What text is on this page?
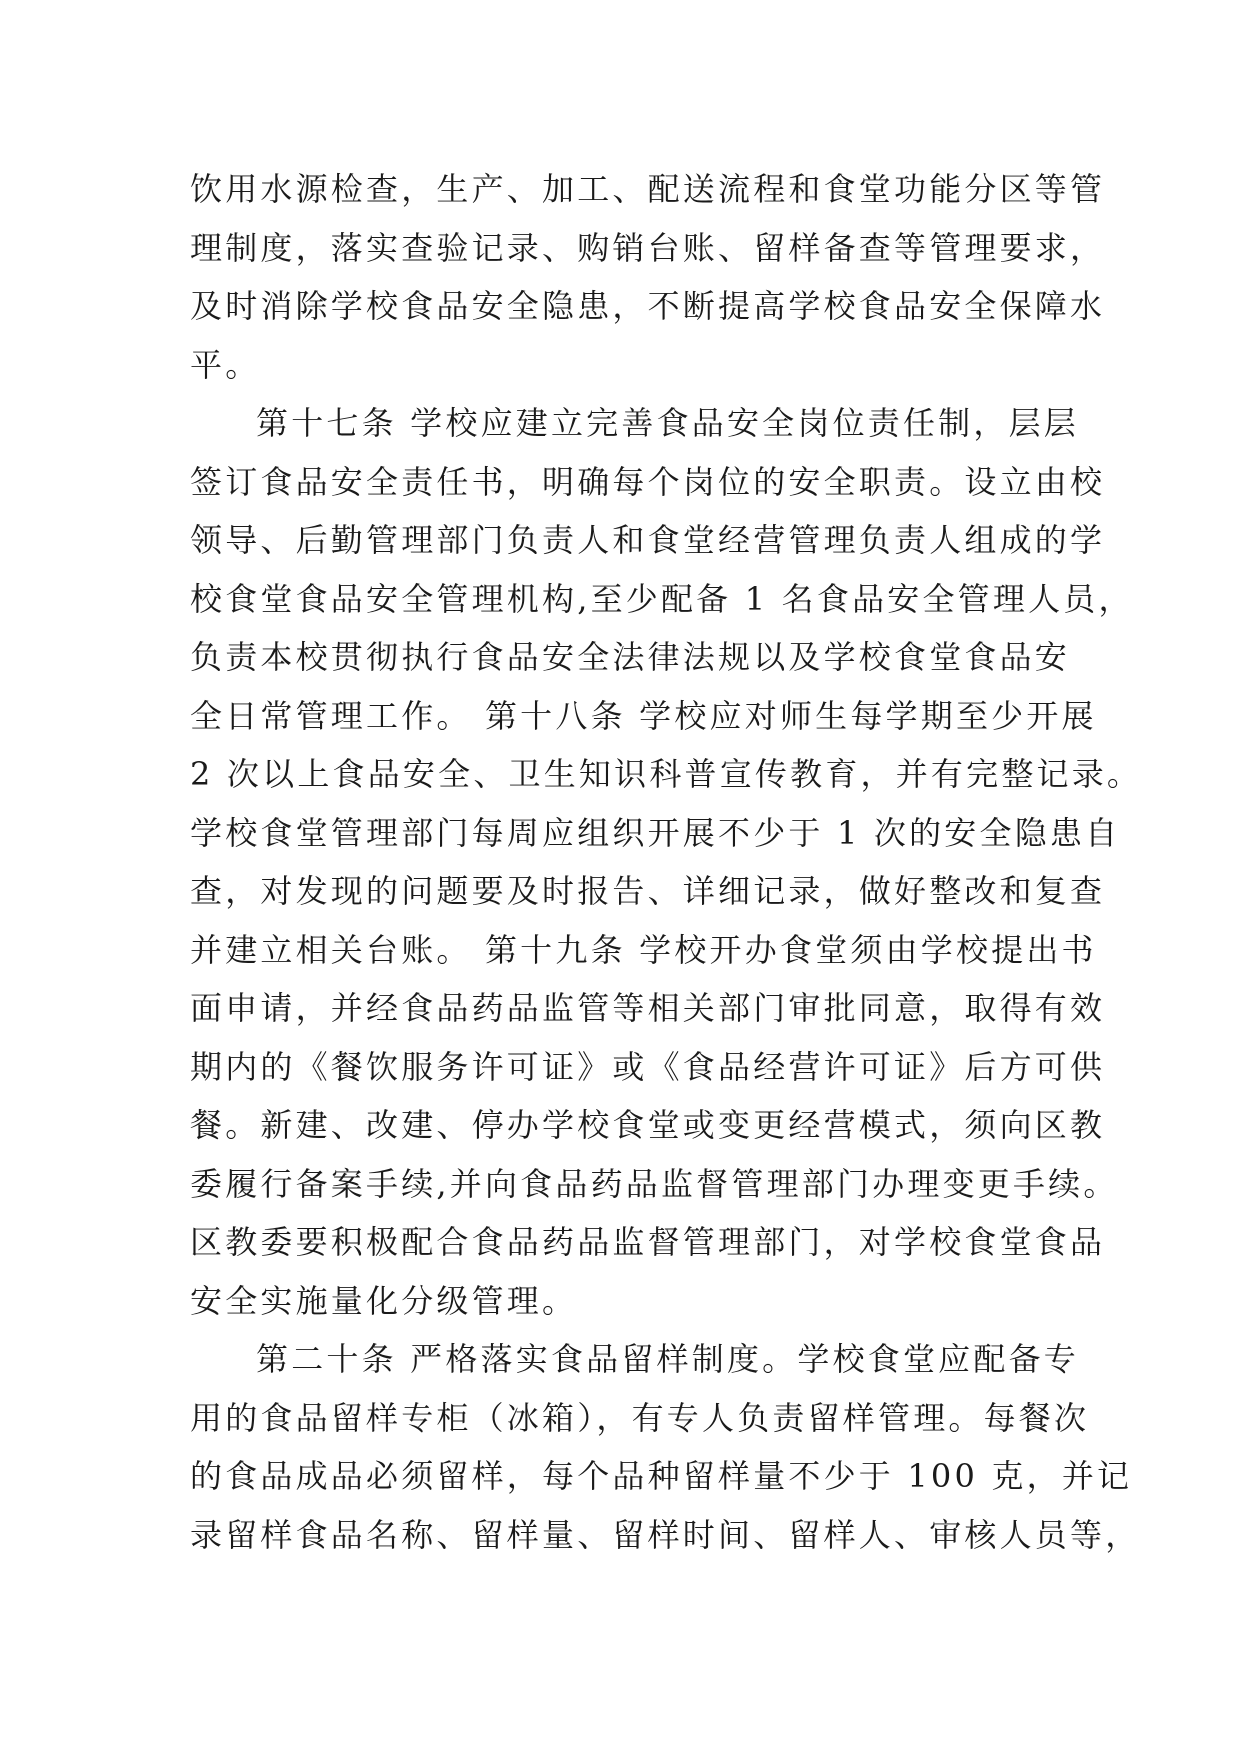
饮用水源检查，生产、加工、配送流程和食堂功能分区等管
理制度，落实查验记录、购销台账、留样备查等管理要求，
及时消除学校食品安全隐患，不断提高学校食品安全保障水
平。
第十七条 学校应建立完善食品安全岗位责任制，层层
签订食品安全责任书，明确每个岗位的安全职责。设立由校
领导、后勤管理部门负责人和食堂经营管理负责人组成的学
校食堂食品安全管理机构,至少配备 1 名食品安全管理人员，
负责本校贯彻执行食品安全法律法规以及学校食堂食品安
全日常管理工作。 第十八条 学校应对师生每学期至少开展
2 次以上食品安全、卫生知识科普宣传教育，并有完整记录。
学校食堂管理部门每周应组织开展不少于 1 次的安全隐患自
查，对发现的问题要及时报告、详细记录，做好整改和复查
并建立相关台账。 第十九条 学校开办食堂须由学校提出书
面申请，并经食品药品监管等相关部门审批同意，取得有效
期内的《餐饮服务许可证》或《食品经营许可证》后方可供
餐。新建、改建、停办学校食堂或变更经营模式，须向区教
委履行备案手续,并向食品药品监督管理部门办理变更手续。
区教委要积极配合食品药品监督管理部门，对学校食堂食品
安全实施量化分级管理。
第二十条 严格落实食品留样制度。学校食堂应配备专
用的食品留样专柜（冰箱），有专人负责留样管理。每餐次
的食品成品必须留样，每个品种留样量不少于 100 克，并记
录留样食品名称、留样量、留样时间、留样人、审核人员等，
